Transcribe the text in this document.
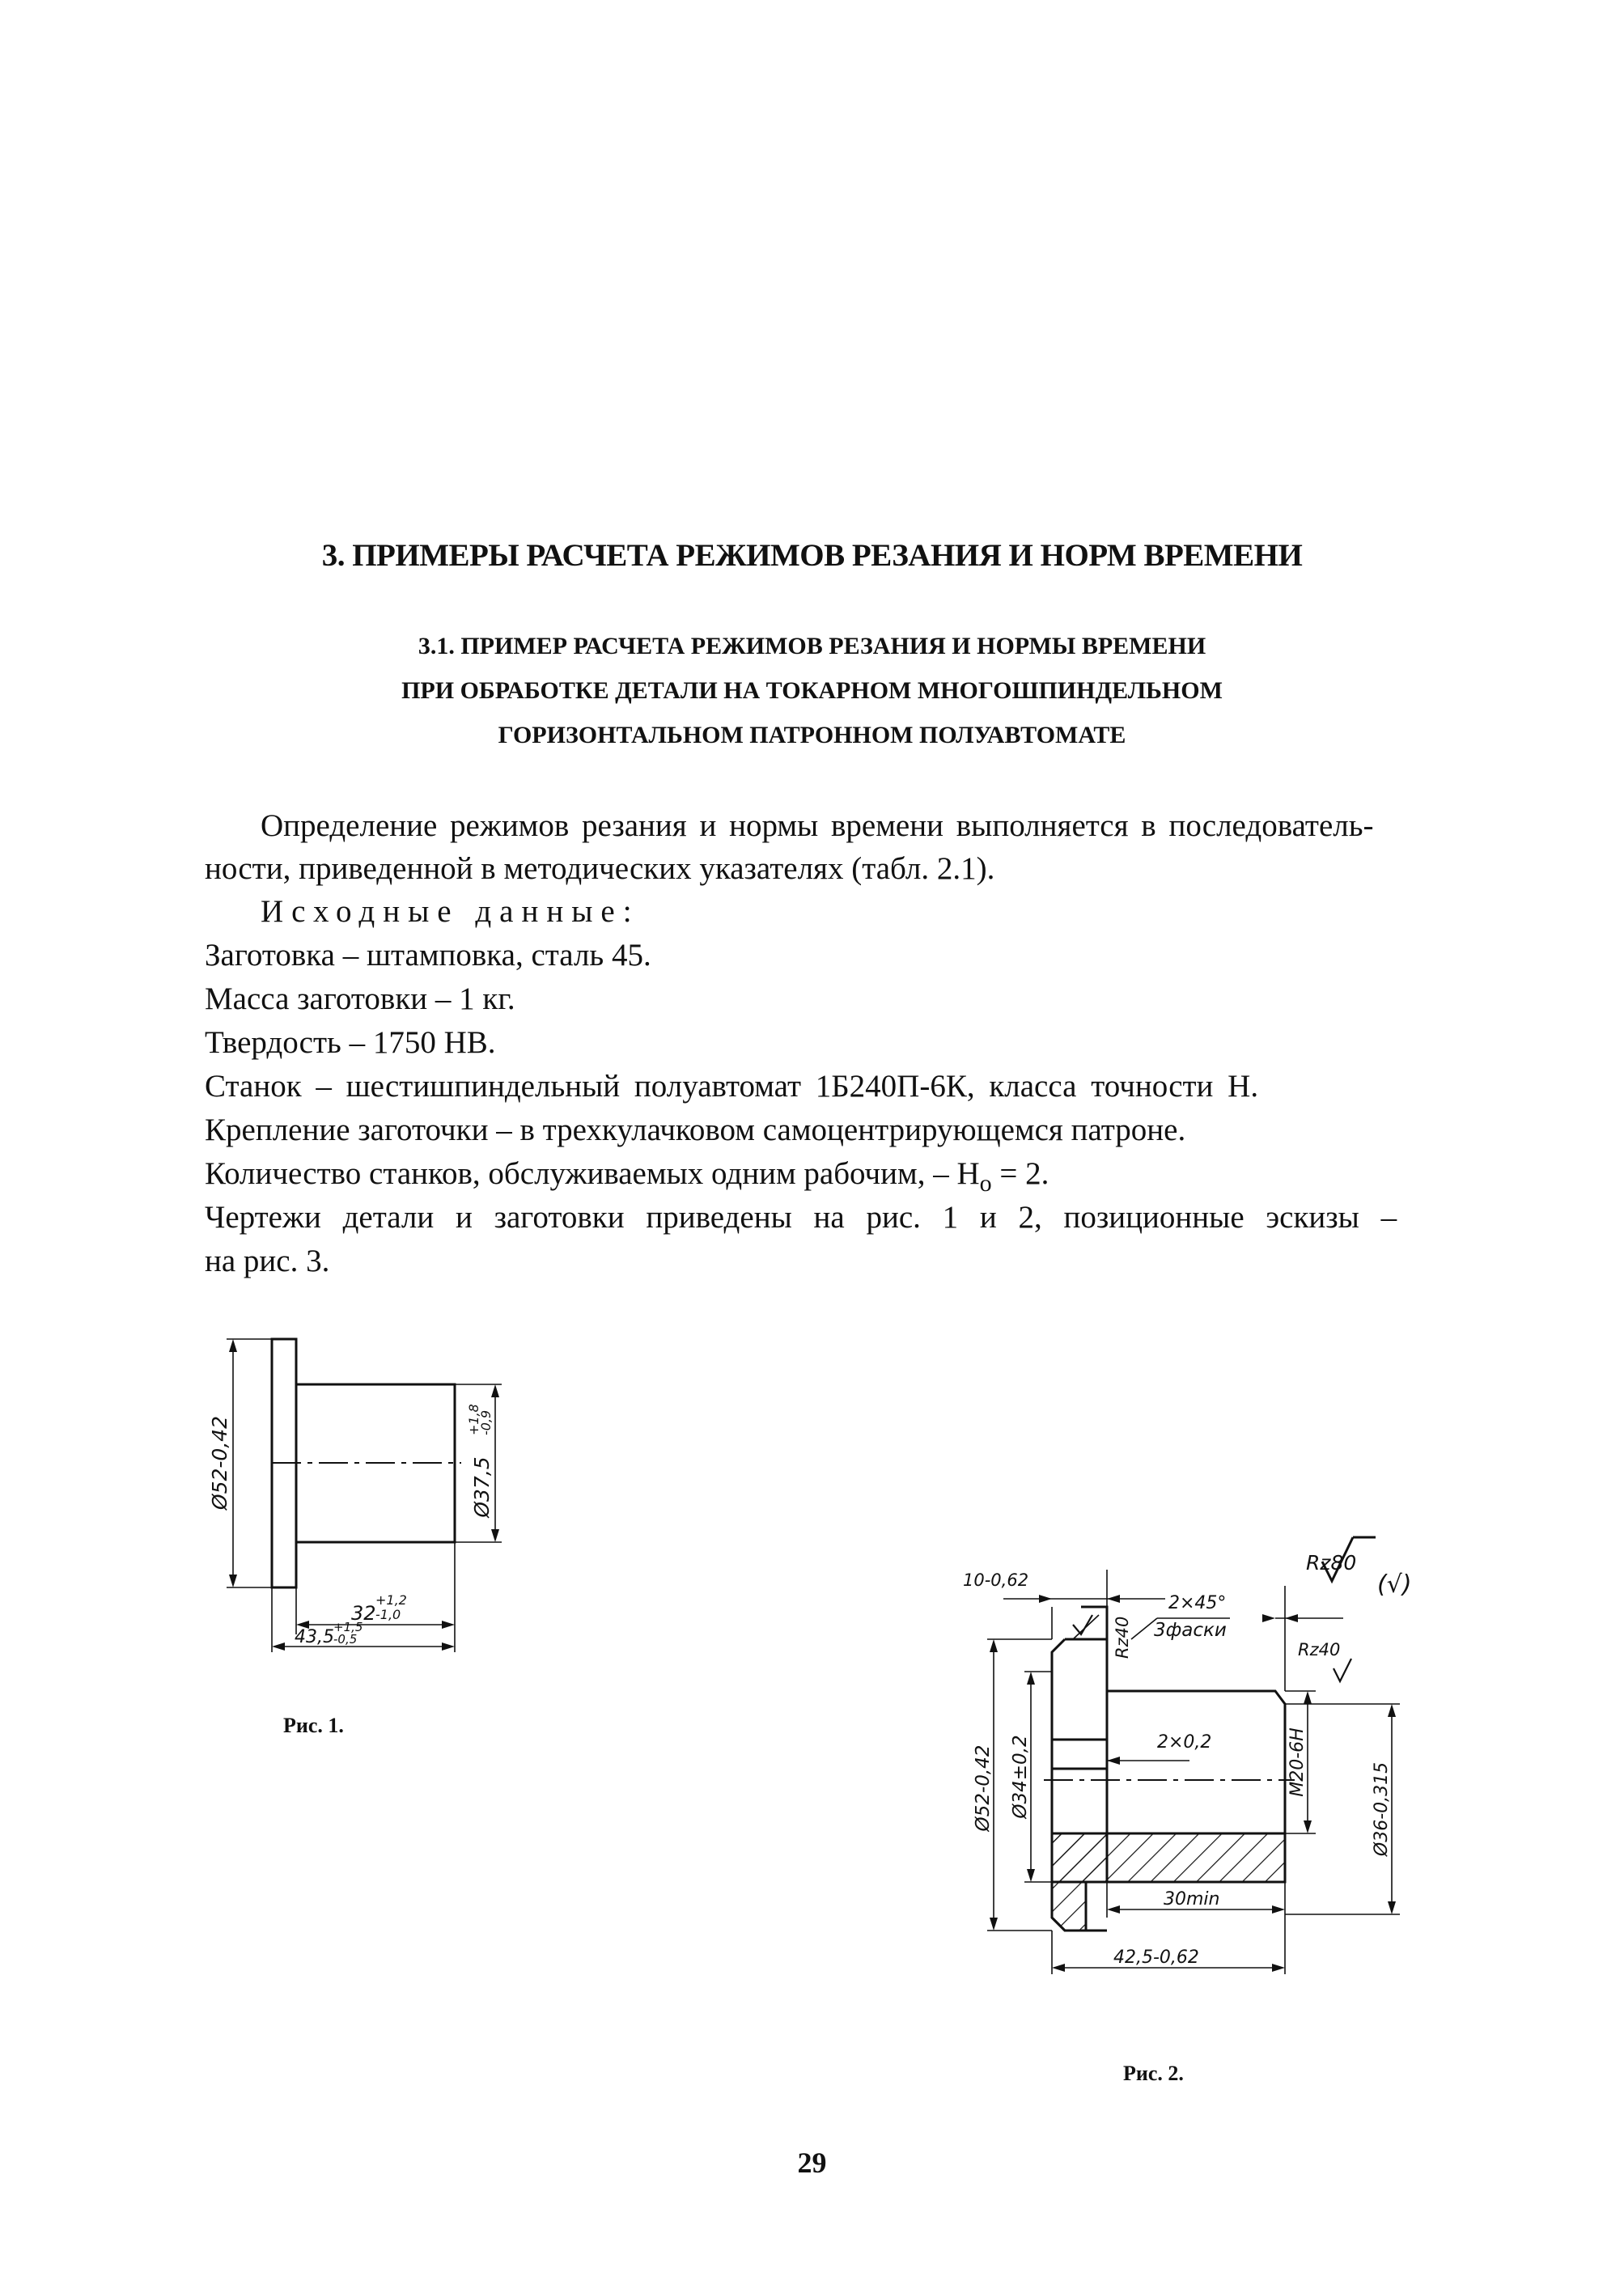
3. ПРИМЕРЫ РАСЧЕТА РЕЖИМОВ РЕЗАНИЯ И НОРМ ВРЕМЕНИ
3.1. ПРИМЕР РАСЧЕТА РЕЖИМОВ РЕЗАНИЯ И НОРМЫ ВРЕМЕНИ
ПРИ ОБРАБОТКЕ ДЕТАЛИ НА ТОКАРНОМ МНОГОШПИНДЕЛЬНОМ
ГОРИЗОНТАЛЬНОМ ПАТРОННОМ ПОЛУАВТОМАТЕ
Определение режимов резания и нормы времени выполняется в последователь-
ности, приведенной в методических указателях (табл. 2.1).
Исходные данные:
Заготовка – штамповка, сталь 45.
Масса заготовки – 1 кг.
Твердость – 1750 НВ.
Станок – шестишпиндельный полуавтомат 1Б240П-6К, класса точности Н.
Крепление заготочки – в трехкулачковом самоцентрирующемся патроне.
Количество станков, обслуживаемых одним рабочим, – $Н_о = 2$.
Чертежи детали и заготовки приведены на рис. 1 и 2, позиционные эскизы –
на рис. 3.
Ø52-0,42	Ø37,5
+1,8
-0,9
32
+1,2
-1,0
43,5 +1,5
-0,5
Рис. 1.
10-0,62
2×45°
3фаски
Rz80
(√)
Rz40
Rz40
2×0,2
Ø52-0,42 Ø34±0,2	М20-6Н	Ø36-0,315
30min
42,5-0,62
Рис. 2.
29
